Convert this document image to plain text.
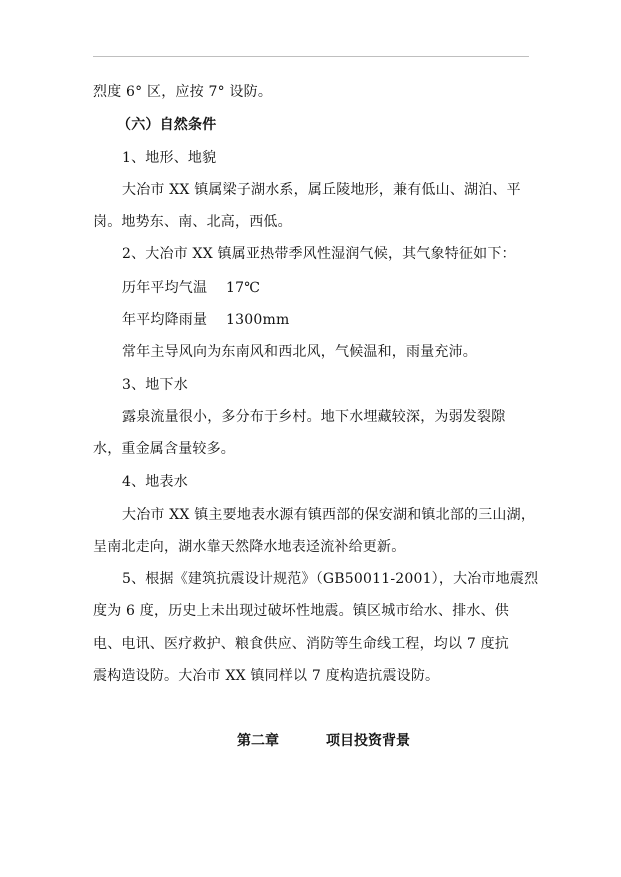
烈度 6° 区，应按 7° 设防。
（六）自然条件
1、地形、地貌
大冶市 XX 镇属梁子湖水系，属丘陵地形，兼有低山、湖泊、平
岗。地势东、南、北高，西低。
2、大冶市 XX 镇属亚热带季风性湿润气候，其气象特征如下：
历年平均气温　 17℃
年平均降雨量　 1300mm
常年主导风向为东南风和西北风，气候温和，雨量充沛。
3、地下水
露泉流量很小，多分布于乡村。地下水埋藏较深，为弱发裂隙
水，重金属含量较多。
4、地表水
大冶市 XX 镇主要地表水源有镇西部的保安湖和镇北部的三山湖，
呈南北走向，湖水靠天然降水地表迳流补给更新。
5、根据《建筑抗震设计规范》（GB50011-2001），大冶市地震烈
度为 6 度，历史上未出现过破坏性地震。镇区城市给水、排水、供
电、电讯、医疗救护、粮食供应、消防等生命线工程，均以 7 度抗
震构造设防。大冶市 XX 镇同样以 7 度构造抗震设防。
第二章	项目投资背景
